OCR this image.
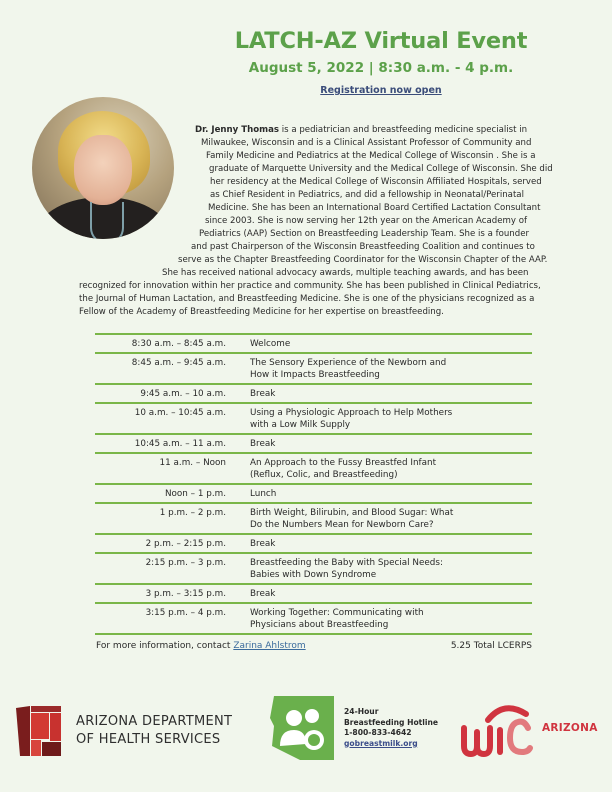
LATCH-AZ Virtual Event
August 5, 2022 | 8:30 a.m. - 4 p.m.
Registration now open
Dr. Jenny Thomas is a pediatrician and breastfeeding medicine specialist in
Milwaukee, Wisconsin and is a Clinical Assistant Professor of Community and
Family Medicine and Pediatrics at the Medical College of Wisconsin . She is a
graduate of Marquette University and the Medical College of Wisconsin. She did
her residency at the Medical College of Wisconsin Affiliated Hospitals, served
as Chief Resident in Pediatrics, and did a fellowship in Neonatal/Perinatal
Medicine. She has been an International Board Certified Lactation Consultant
since 2003. She is now serving her 12th year on the American Academy of
Pediatrics (AAP) Section on Breastfeeding Leadership Team. She is a founder
and past Chairperson of the Wisconsin Breastfeeding Coalition and continues to
serve as the Chapter Breastfeeding Coordinator for the Wisconsin Chapter of the AAP.
She has received national advocacy awards, multiple teaching awards, and has been
recognized for innovation within her practice and community. She has been published in Clinical Pediatrics,
the Journal of Human Lactation, and Breastfeeding Medicine. She is one of the physicians recognized as a
Fellow of the Academy of Breastfeeding Medicine for her expertise on breastfeeding.
8:30 a.m. – 8:45 a.m.	Welcome

8:45 a.m. – 9:45 a.m.	The Sensory Experience of the Newborn and
How it Impacts Breastfeeding

9:45 a.m. – 10 a.m.	Break

10 a.m. – 10:45 a.m.	Using a Physiologic Approach to Help Mothers
with a Low Milk Supply

10:45 a.m. – 11 a.m.	Break

11 a.m. – Noon	An Approach to the Fussy Breastfed Infant
(Reflux, Colic, and Breastfeeding)

Noon – 1 p.m.	Lunch

1 p.m. – 2 p.m.	Birth Weight, Bilirubin, and Blood Sugar: What
Do the Numbers Mean for Newborn Care?

2 p.m. – 2:15 p.m.	Break

2:15 p.m. – 3 p.m.	Breastfeeding the Baby with Special Needs:
Babies with Down Syndrome

3 p.m. – 3:15 p.m.	Break

3:15 p.m. – 4 p.m.	Working Together: Communicating with
Physicians about Breastfeeding
For more information, contact Zarina Ahlstrom	5.25 Total LCERPS
ARIZONA DEPARTMENT
OF HEALTH SERVICES
24-Hour
Breastfeeding Hotline
1-800-833-4642
gobreastmilk.org
ARIZONA
